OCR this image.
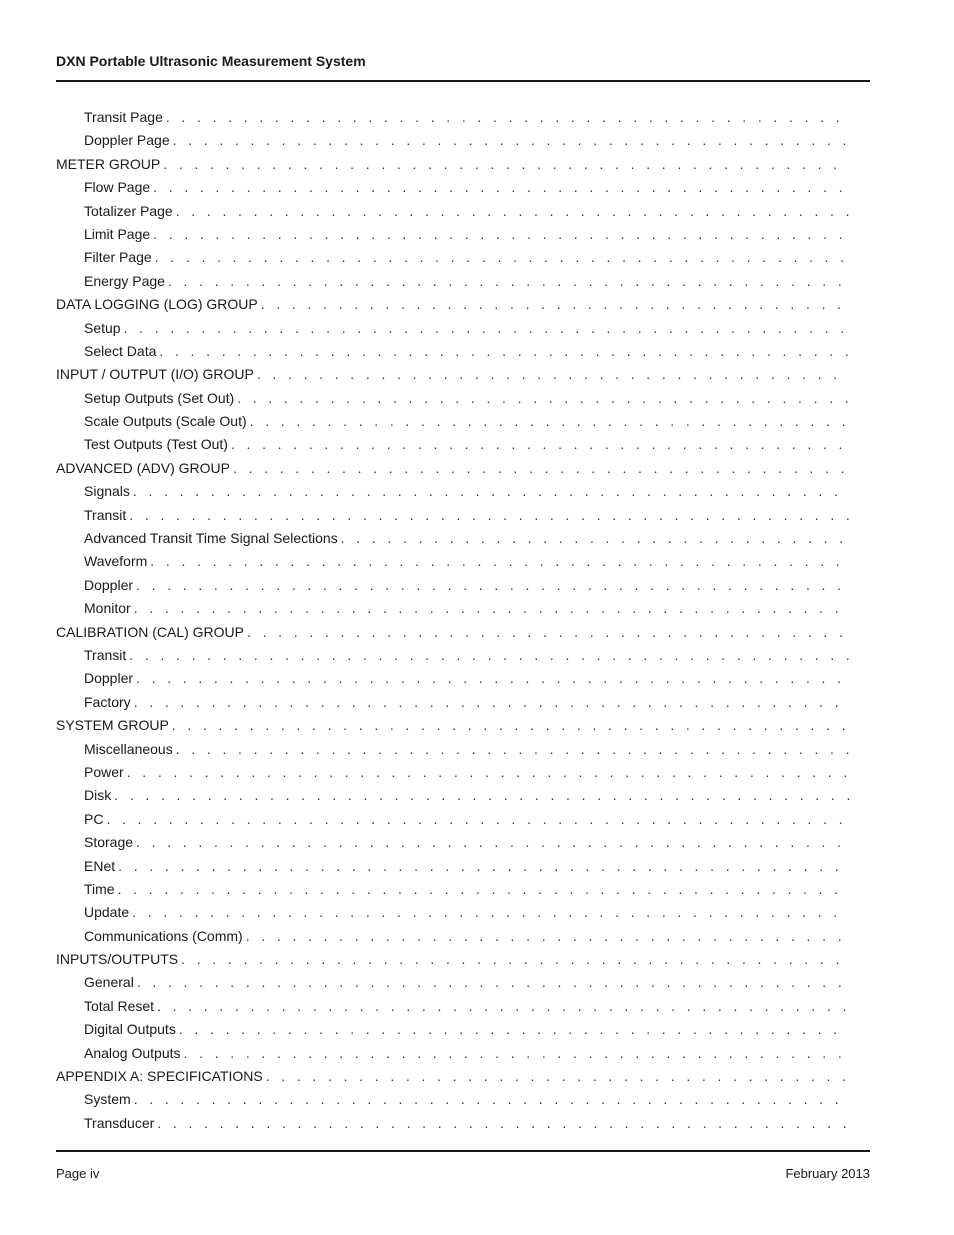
DXN Portable Ultrasonic Measurement System
Transit Page
. . .
Doppler Page
. . .
METER GROUP
. . .
Flow Page
. . .
Totalizer Page
. . .
Limit Page
. . .
Filter Page
. . .
Energy Page
. . .
DATA LOGGING (LOG) GROUP
. . .
Setup
. . .
Select Data
. . .
INPUT / OUTPUT (I/O) GROUP
. . .
Setup Outputs (Set Out)
. . .
Scale Outputs (Scale Out)
. . .
Test Outputs (Test Out)
. . .
ADVANCED (ADV) GROUP
. . .
Signals
. . .
Transit
. . .
Advanced Transit Time Signal Selections
. . .
Waveform
. . .
Doppler
. . .
Monitor
. . .
CALIBRATION (CAL) GROUP
. . .
Transit
. . .
Doppler
. . .
Factory
. . .
SYSTEM GROUP
. . .
Miscellaneous
. . .
Power
. . .
Disk
. . .
PC
. . .
Storage
. . .
ENet
. . .
Time
. . .
Update
. . .
Communications (Comm)
. . .
INPUTS/OUTPUTS
. . .
General
. . .
Total Reset
. . .
Digital Outputs
. . .
Analog Outputs
. . .
APPENDIX A: SPECIFICATIONS
. . .
System
. . .
Transducer
. . .
Page iv	February 2013
